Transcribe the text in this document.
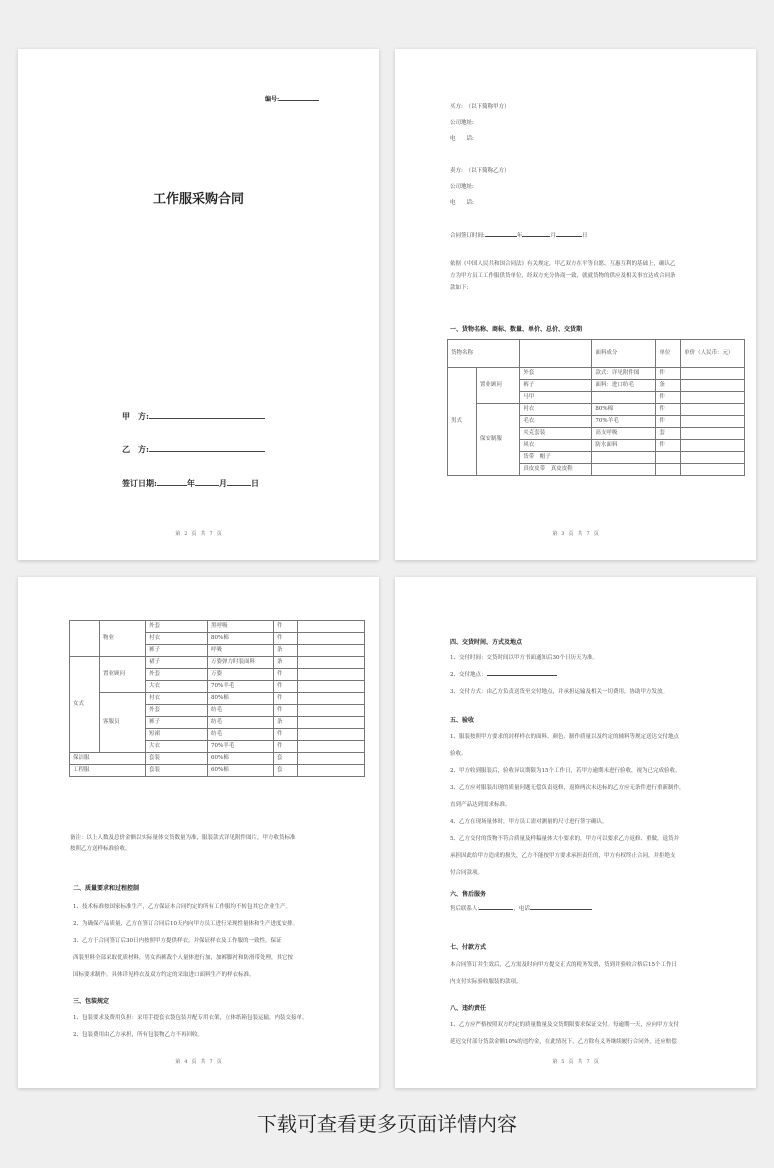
编号:
工作服采购合同
甲　方:
乙　方:
签订日期:	年	月	日
第 2 页 共 7 页
买方:　（以下简称甲方）
公司地址:
电　　话:
卖方:　（以下简称乙方）
公司地址:
电　　话:
合同签订时间:	年	月	日
依据《中国人民共和国合同法》有关规定，甲乙双方在平等自愿、互惠互利的基础上，确认乙
方为甲方员工工作服供货单位，经双方充分协商一致，就就货物的供应及相关事宜达成合同条
款如下:
一、货物名称、商标、数量、单价、总价、交货期
货物名称			面料成分	单位	单价（人民币：元）
男式	置业顾问	外套	款式：详见附件图	件	
		裤子	面料：进口纺毛	条	
		马甲		件	
	保安制服	衬衣	80%棉	件	
		毛衣	70%羊毛	件	
		夹克套装	高支呼吸	套	
		风衣	防水面料	件	
		货带　帽子			
		真皮皮带　真皮皮鞋			
第 3 页 共 7 页
	物业	外套	黑呼吸	件	
		衬衣	80%棉	件	
		裤子	呼吸	条	
女式	置业顾问	裙子	万姿弹力时装面料	条	
		外套	万姿	件	
		大衣	70%羊毛	件	
	客服员	衬衣	80%棉	件	
		外套	纺毛	件	
		裤子	纺毛	条	
		短裙	纺毛	件	
		大衣	70%羊毛	件	
保洁服		套装	60%棉	套	
工程服		套装	60%棉	套	
备注：以上人数及总价金额以实际量体交货数量为准，服装款式详见附件图片，甲方收货标准
按照乙方送样标准验收。
二、质量要求和过程控制
1、技术标准按国家标准生产，乙方保证本合同约定的所有工作服均不转包其它企业生产。
2、为确保产品质量，乙方在签订合同后10天内向甲方员工进行采现性量体和生产进度安排。
3、乙方于合同签订后30日内按照甲方提供样衣，并保证样衣及工作服的一致性，保证
西装里料全部采取优质材料，男女西裤裁个人量体进行加，加裤脚衬和防滑带处理，其它按
国标要求制作。具体详见样衣及双方约定的采取进口面料生产的样衣标准。
三、包装规定
1、包装要求及费用负担：采用手提套衣袋包装并配专用衣架，立体纸箱包装运输，内装交接单。
2、包装费用由乙方承担，所有包装物乙方不再回收。
第 4 页 共 7 页
四、交货时间、方式及地点
1、交付时间：交货时间以甲方书面通知后30个日历天为准。
2、交付地点：
3、交付方式：由乙方负责送货至交付地点，并承担运输及相关一切费用，协助甲方发放。
五、验收
1、服装按照甲方要求的封样样衣的面料、颜色、制作质量以及约定的辅料等规定送达交付地点
验收。
2、甲方收到服装后，验收异议期限为15个工作日，若甲方逾期未进行验收，视为已完成验收。
3、乙方应对服装出现的质量问题无偿负责返修，返修两次未达标的乙方应无条件进行重新制作，
直到产品达到需求标准。
4、乙方在现场量体时，甲方员工需对测量的尺寸进行签字确认。
5、乙方交付的货物不符合质量及样稿量体大小要求的，甲方可以要求乙方返修、重做，退货并
承担因此给甲方造成的损失，乙方不能按甲方要求承担责任的，甲方有权终止合同，并拒绝支
付合同款项。
六、售后服务
售后联系人:	，电话
七、付款方式
本合同签订并生效后，乙方需及时向甲方提交正式的税务发票，货到并验收合格后15个工作日
内支付实际验收服装的款项。
八、违约责任
1、乙方应严格按照双方约定的质量数量及交货期限要求保证交付。每逾期一天，应向甲方支付
延迟交付部分货款金额10%的违约金，在此情况下，乙方除有义务继续履行合同外，还应赔偿
第 5 页 共 7 页
下载可查看更多页面详情内容
